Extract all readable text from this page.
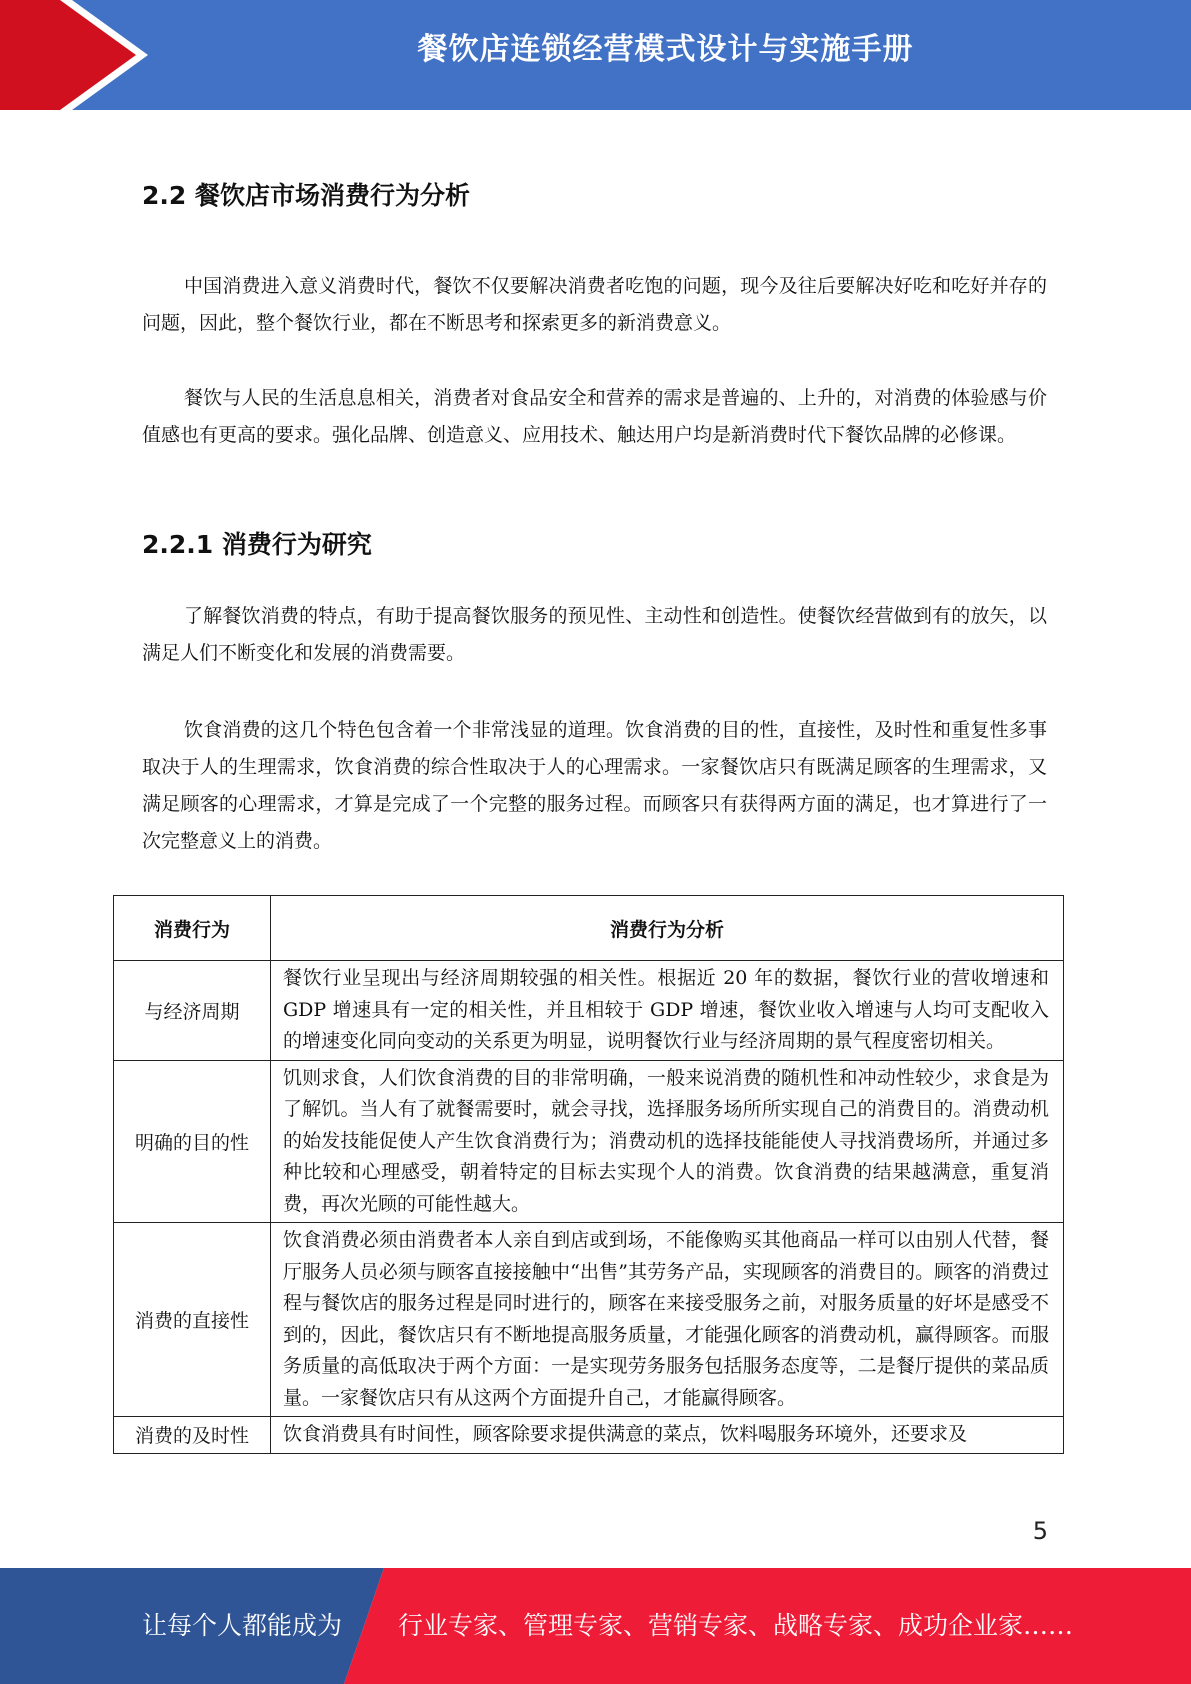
餐饮店连锁经营模式设计与实施手册
2.2 餐饮店市场消费行为分析

中国消费进入意义消费时代，餐饮不仅要解决消费者吃饱的问题，现今及往后要解决好吃和吃好并存的问题，因此，整个餐饮行业，都在不断思考和探索更多的新消费意义。

餐饮与人民的生活息息相关，消费者对食品安全和营养的需求是普遍的、上升的，对消费的体验感与价值感也有更高的要求。强化品牌、创造意义、应用技术、触达用户均是新消费时代下餐饮品牌的必修课。

2.2.1 消费行为研究

了解餐饮消费的特点，有助于提高餐饮服务的预见性、主动性和创造性。使餐饮经营做到有的放矢，以满足人们不断变化和发展的消费需要。

饮食消费的这几个特色包含着一个非常浅显的道理。饮食消费的目的性，直接性，及时性和重复性多事取决于人的生理需求，饮食消费的综合性取决于人的心理需求。一家餐饮店只有既满足顾客的生理需求，又满足顾客的心理需求，才算是完成了一个完整的服务过程。而顾客只有获得两方面的满足，也才算进行了一次完整意义上的消费。

消费行为	消费行为分析
与经济周期	餐饮行业呈现出与经济周期较强的相关性。根据近 20 年的数据，餐饮行业的营收增速和 GDP 增速具有一定的相关性，并且相较于 GDP 增速，餐饮业收入增速与人均可支配收入的增速变化同向变动的关系更为明显，说明餐饮行业与经济周期的景气程度密切相关。
明确的目的性	饥则求食，人们饮食消费的目的非常明确，一般来说消费的随机性和冲动性较少，求食是为了解饥。当人有了就餐需要时，就会寻找，选择服务场所所实现自己的消费目的。消费动机的始发技能促使人产生饮食消费行为；消费动机的选择技能能使人寻找消费场所，并通过多种比较和心理感受，朝着特定的目标去实现个人的消费。饮食消费的结果越满意，重复消费，再次光顾的可能性越大。
消费的直接性	饮食消费必须由消费者本人亲自到店或到场，不能像购买其他商品一样可以由别人代替，餐厅服务人员必须与顾客直接接触中“出售”其劳务产品，实现顾客的消费目的。顾客的消费过程与餐饮店的服务过程是同时进行的，顾客在来接受服务之前，对服务质量的好坏是感受不到的，因此，餐饮店只有不断地提高服务质量，才能强化顾客的消费动机，赢得顾客。而服务质量的高低取决于两个方面：一是实现劳务服务包括服务态度等，二是餐厅提供的菜品质量。一家餐饮店只有从这两个方面提升自己，才能赢得顾客。
消费的及时性	饮食消费具有时间性，顾客除要求提供满意的菜点，饮料喝服务环境外，还要求及
5
让每个人都能成为 行业专家、管理专家、营销专家、战略专家、成功企业家……
